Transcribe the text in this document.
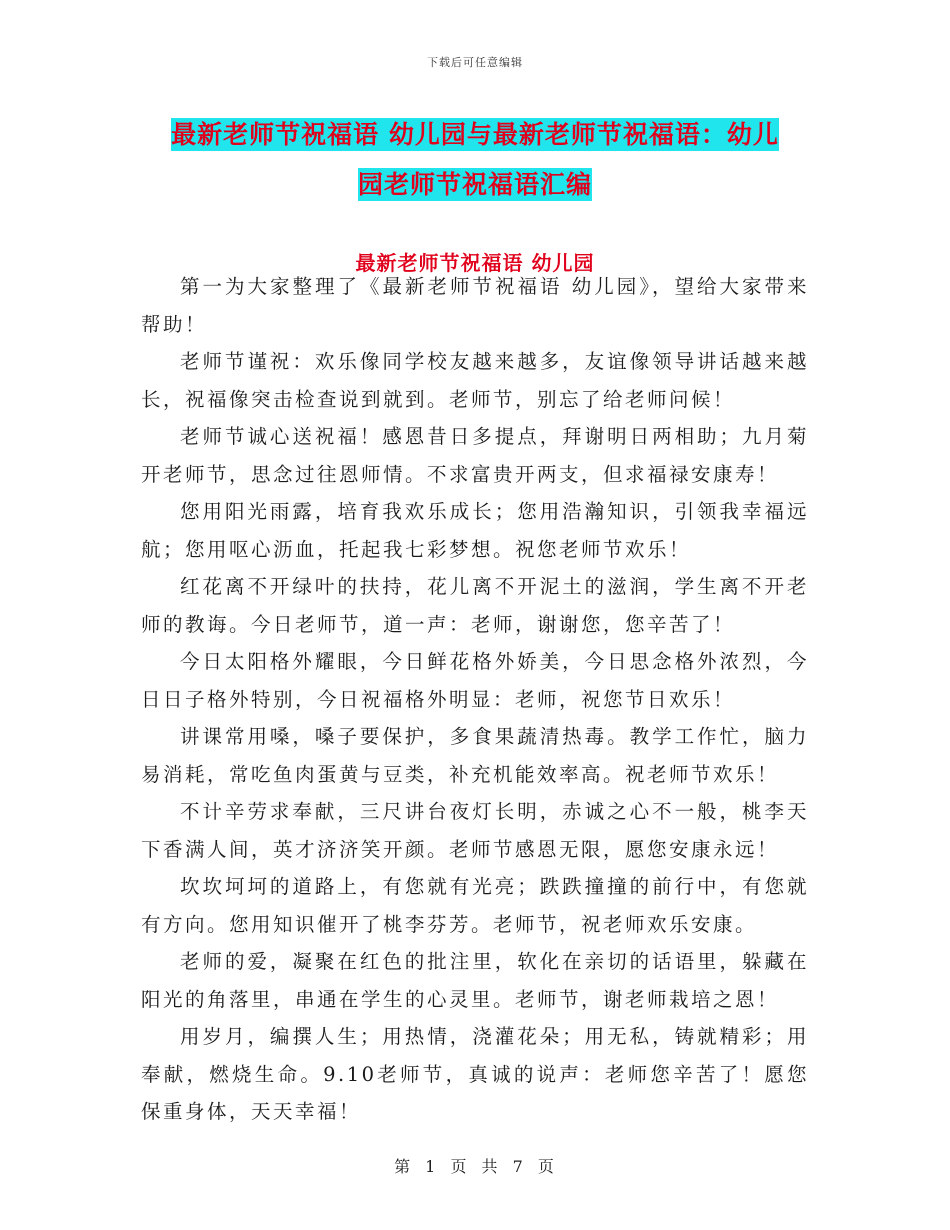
下载后可任意编辑
最新老师节祝福语 幼儿园与最新老师节祝福语：幼儿
园老师节祝福语汇编
最新老师节祝福语 幼儿园

第一为大家整理了《最新老师节祝福语 幼儿园》，望给大家带来帮助！

老师节谨祝：欢乐像同学校友越来越多，友谊像领导讲话越来越长，祝福像突击检查说到就到。老师节，别忘了给老师问候！

老师节诚心送祝福！感恩昔日多提点，拜谢明日两相助；九月菊开老师节，思念过往恩师情。不求富贵开两支，但求福禄安康寿！

您用阳光雨露，培育我欢乐成长；您用浩瀚知识，引领我幸福远航；您用呕心沥血，托起我七彩梦想。祝您老师节欢乐！

红花离不开绿叶的扶持，花儿离不开泥土的滋润，学生离不开老师的教诲。今日老师节，道一声：老师，谢谢您，您辛苦了！

今日太阳格外耀眼，今日鲜花格外娇美，今日思念格外浓烈，今日日子格外特别，今日祝福格外明显：老师，祝您节日欢乐！

讲课常用嗓，嗓子要保护，多食果蔬清热毒。教学工作忙，脑力易消耗，常吃鱼肉蛋黄与豆类，补充机能效率高。祝老师节欢乐！

不计辛劳求奉献，三尺讲台夜灯长明，赤诚之心不一般，桃李天下香满人间，英才济济笑开颜。老师节感恩无限，愿您安康永远！

坎坎坷坷的道路上，有您就有光亮；跌跌撞撞的前行中，有您就有方向。您用知识催开了桃李芬芳。老师节，祝老师欢乐安康。

老师的爱，凝聚在红色的批注里，软化在亲切的话语里，躲藏在阳光的角落里，串通在学生的心灵里。老师节，谢老师栽培之恩！

用岁月，编撰人生；用热情，浇灌花朵；用无私，铸就精彩；用奉献，燃烧生命。9.10老师节，真诚的说声：老师您辛苦了！愿您保重身体，天天幸福！

第 1 页 共 7 页
